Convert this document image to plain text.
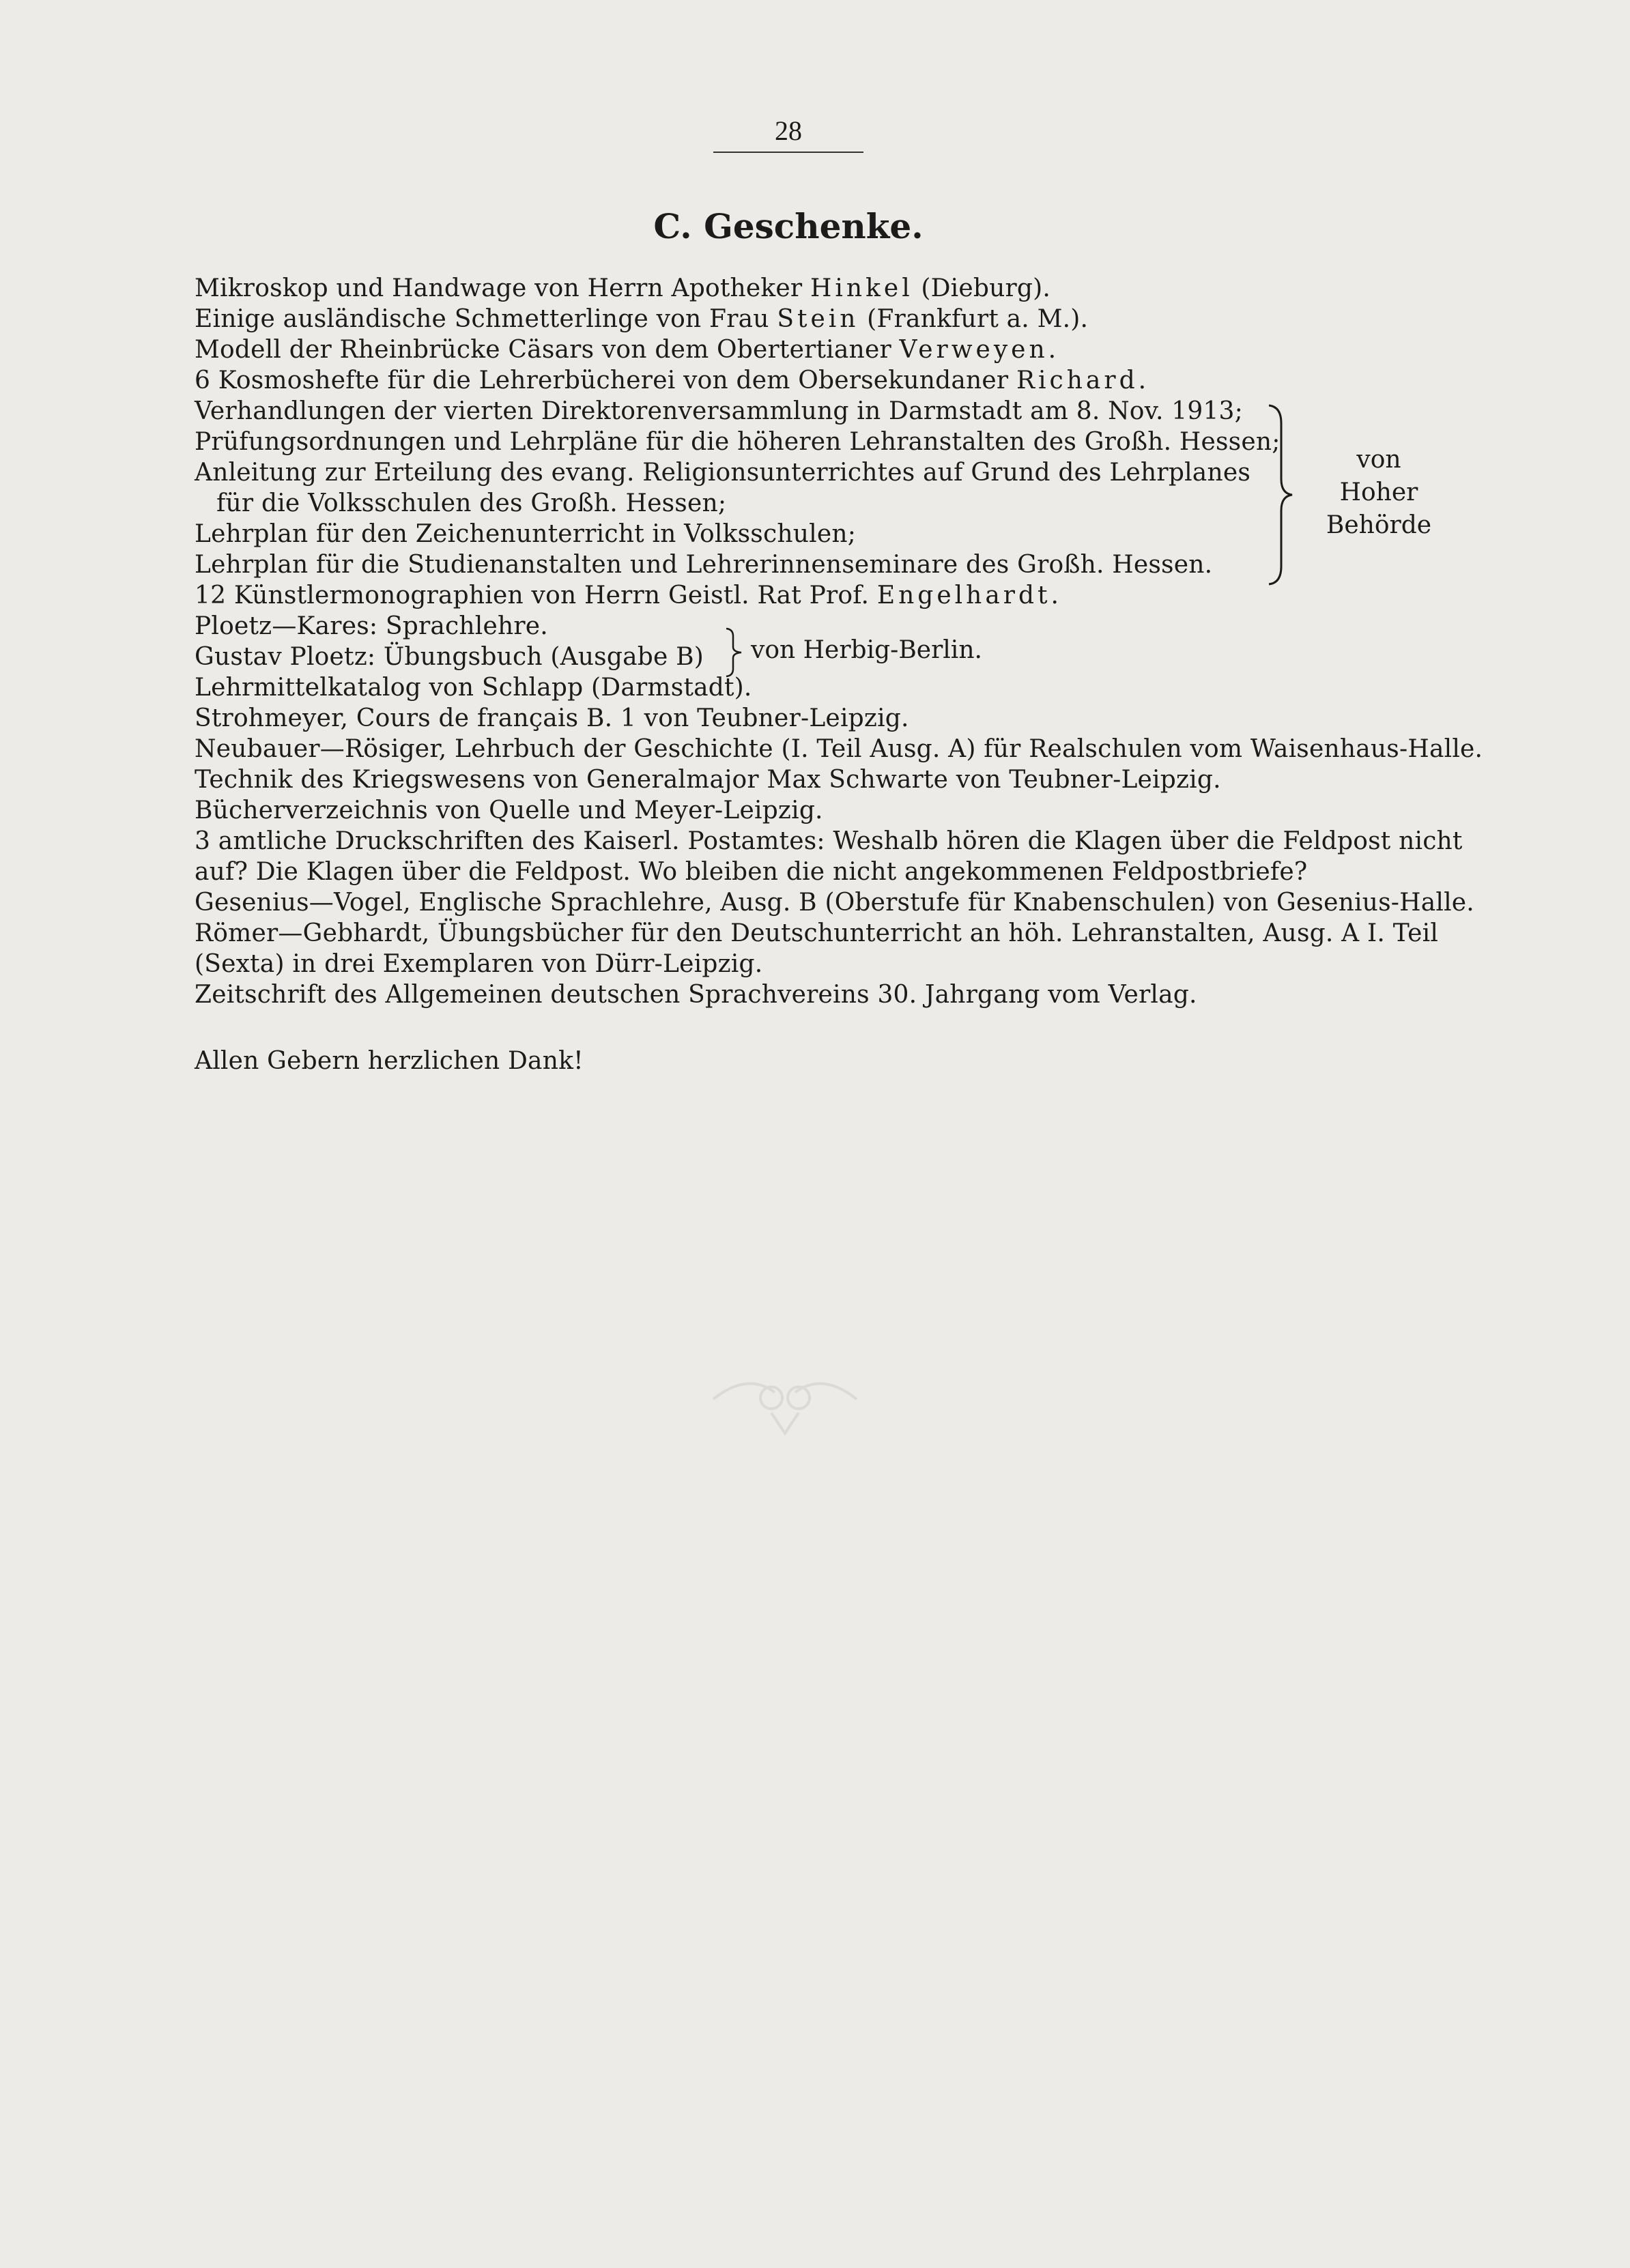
28
C. Geschenke.
Mikroskop und Handwage von Herrn Apotheker Hinkel (Dieburg).
Einige ausländische Schmetterlinge von Frau Stein (Frankfurt a. M.).
Modell der Rheinbrücke Cäsars von dem Obertertianer Verweyen.
6 Kosmoshefte für die Lehrerbücherei von dem Obersekundaner Richard.
Verhandlungen der vierten Direktorenversammlung in Darmstadt am 8. Nov. 1913;
Prüfungsordnungen und Lehrpläne für die höheren Lehranstalten des Großh. Hessen;
Anleitung zur Erteilung des evang. Religionsunterrichtes auf Grund des Lehrplanes
für die Volksschulen des Großh. Hessen;
Lehrplan für den Zeichenunterricht in Volksschulen;
Lehrplan für die Studienanstalten und Lehrerinnenseminare des Großh. Hessen.
12 Künstlermonographien von Herrn Geistl. Rat Prof. Engelhardt.
Ploetz—Kares: Sprachlehre.
Gustav Ploetz: Übungsbuch (Ausgabe B)
Lehrmittelkatalog von Schlapp (Darmstadt).
Strohmeyer, Cours de français B. 1 von Teubner-Leipzig.
Neubauer—Rösiger, Lehrbuch der Geschichte (I. Teil Ausg. A) für Realschulen vom Waisenhaus-Halle.
Technik des Kriegswesens von Generalmajor Max Schwarte von Teubner-Leipzig.
Bücherverzeichnis von Quelle und Meyer-Leipzig.
3 amtliche Druckschriften des Kaiserl. Postamtes: Weshalb hören die Klagen über die Feldpost nicht
auf? Die Klagen über die Feldpost. Wo bleiben die nicht angekommenen Feldpostbriefe?
Gesenius—Vogel, Englische Sprachlehre, Ausg. B (Oberstufe für Knabenschulen) von Gesenius-Halle.
Römer—Gebhardt, Übungsbücher für den Deutschunterricht an höh. Lehranstalten, Ausg. A I. Teil
(Sexta) in drei Exemplaren von Dürr-Leipzig.
Zeitschrift des Allgemeinen deutschen Sprachvereins 30. Jahrgang vom Verlag.
Allen Gebern herzlichen Dank!
von
Hoher
Behörde
von Herbig-Berlin.
